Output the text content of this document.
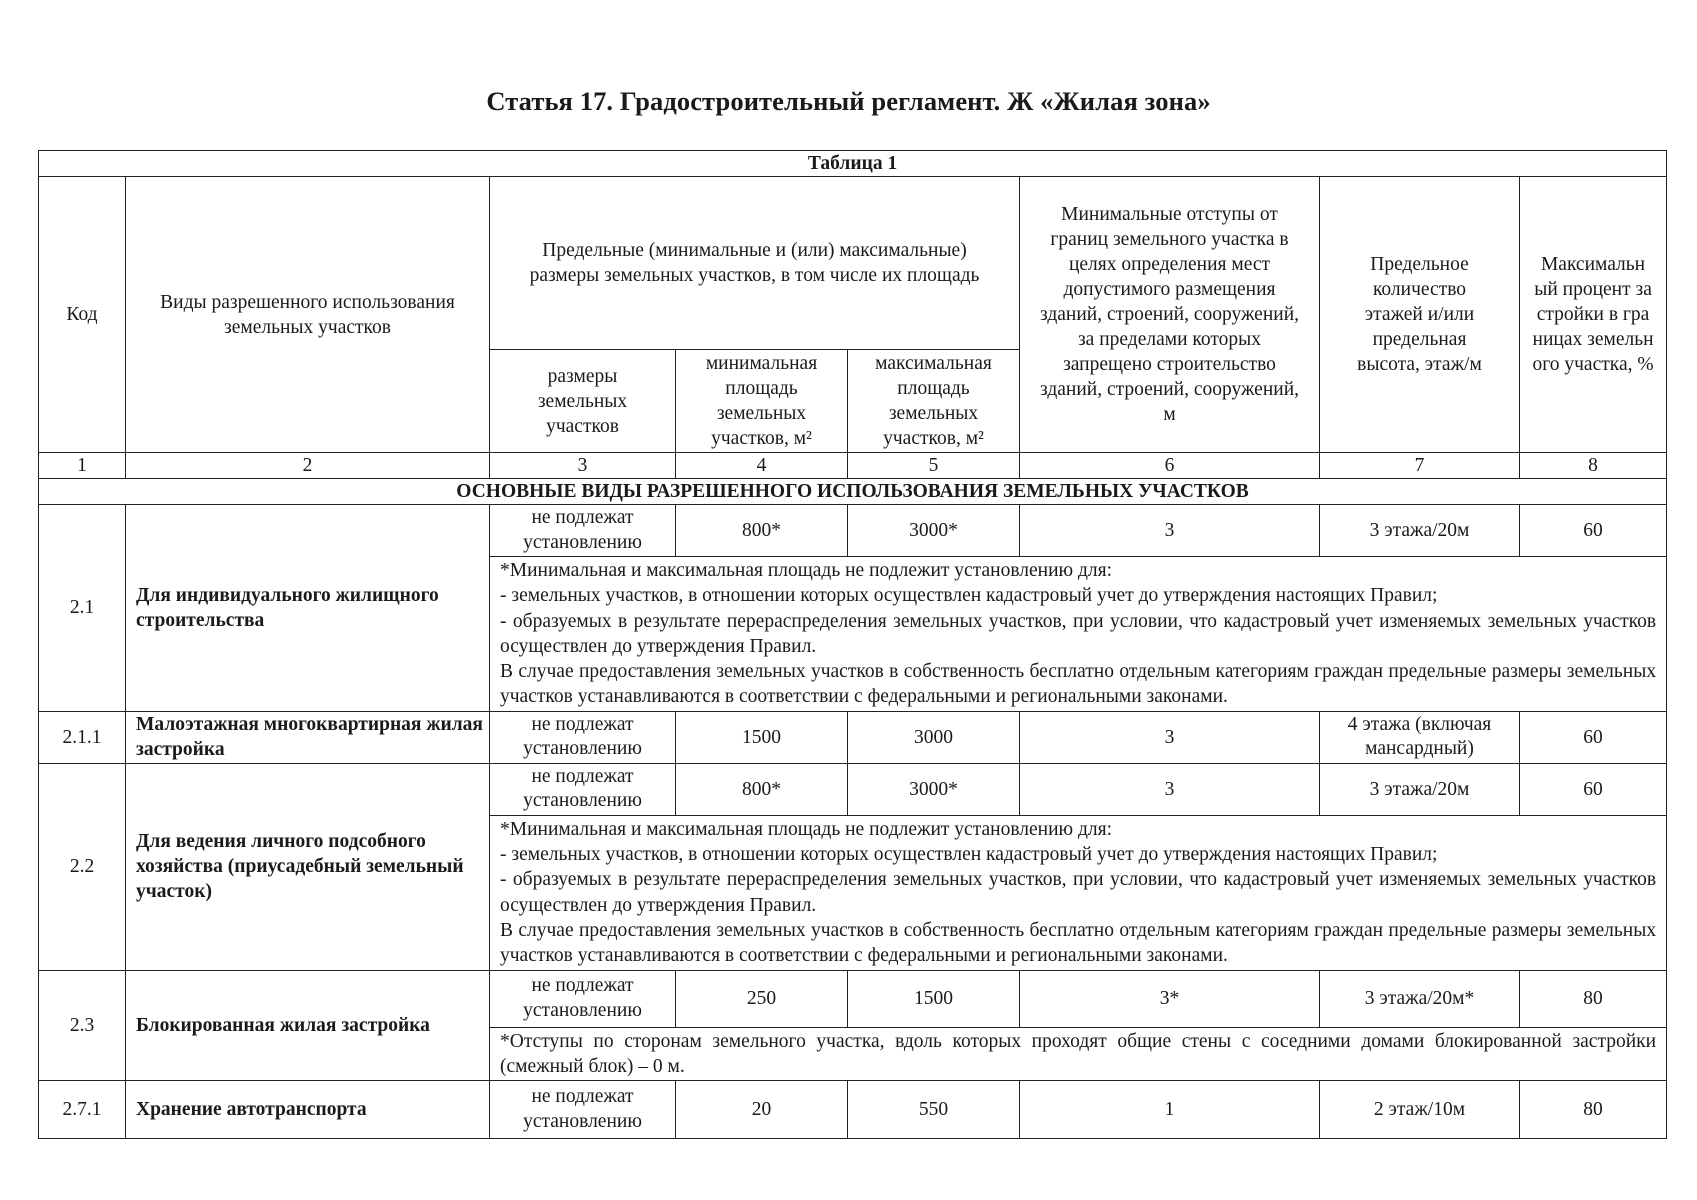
Статья 17. Градостроительный регламент. Ж «Жилая зона»
Таблица 1							
Код	Виды разрешенного использования земельных участков	Предельные (минимальные и (или) максимальные) размеры земельных участков, в том числе их площадь			Минимальные отступы от границ земельного участка в целях определения мест допустимого размещения зданий, строений, сооружений, за пределами которых запрещено строительство зданий, строений, сооружений, м	Предельное количество этажей и/или предельная высота, этаж/м	Максимальн ый процент застройки в границах земельного участка, %
		размеры земельных участков	минимальная площадь земельных участков, м²	максимальная площадь земельных участков, м²			
1	2	3	4	5	6	7	8
ОСНОВНЫЕ ВИДЫ РАЗРЕШЕННОГО ИСПОЛЬЗОВАНИЯ ЗЕМЕЛЬНЫХ УЧАСТКОВ							
2.1	Для индивидуального жилищного строительства	не подлежат установлению	800*	3000*	3	3 этажа/20м	60

		*Минимальная и максимальная площадь не подлежит установлению для:
- земельных участков, в отношении которых осуществлен кадастровый учет до утверждения настоящих Правил;
- образуемых в результате перераспределения земельных участков, при условии, что кадастровый учет изменяемых земельных участков осуществлен до утверждения Правил.
В случае предоставления земельных участков в собственность бесплатно отдельным категориям граждан предельные размеры земельных участков устанавливаются в соответствии с федеральными и региональными законами.					

2.1.1	Малоэтажная многоквартирная жилая застройка	не подлежат установлению	1500	3000	3	4 этажа (включая мансардный)	60
2.2	Для ведения личного подсобного хозяйства (приусадебный земельный участок)	не подлежат установлению	800*	3000*	3	3 этажа/20м	60

		*Минимальная и максимальная площадь не подлежит установлению для:
- земельных участков, в отношении которых осуществлен кадастровый учет до утверждения настоящих Правил;
- образуемых в результате перераспределения земельных участков, при условии, что кадастровый учет изменяемых земельных участков осуществлен до утверждения Правил.
В случае предоставления земельных участков в собственность бесплатно отдельным категориям граждан предельные размеры земельных участков устанавливаются в соответствии с федеральными и региональными законами.					

2.3	Блокированная жилая застройка	не подлежат установлению	250	1500	3*	3 этажа/20м*	80

		*Отступы по сторонам земельного участка, вдоль которых проходят общие стены с соседними домами блокированной застройки (смежный блок) – 0 м.					

2.7.1	Хранение автотранспорта	не подлежат установлению	20	550	1	2 этаж/10м	80
